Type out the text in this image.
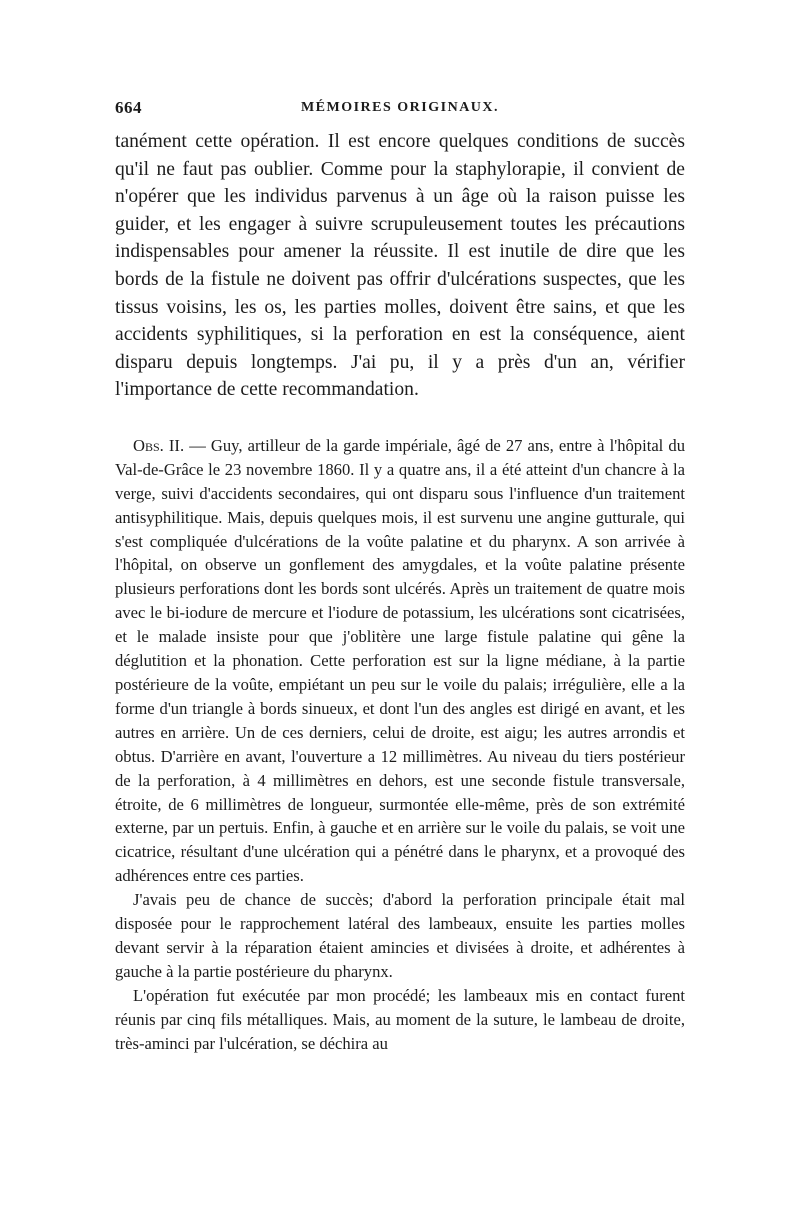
664	MÉMOIRES ORIGINAUX.

tanément cette opération. Il est encore quelques conditions de succès qu'il ne faut pas oublier. Comme pour la staphylorapie, il convient de n'opérer que les individus parvenus à un âge où la raison puisse les guider, et les engager à suivre scrupuleusement toutes les précautions indispensables pour amener la réussite. Il est inutile de dire que les bords de la fistule ne doivent pas offrir d'ulcérations suspectes, que les tissus voisins, les os, les parties molles, doivent être sains, et que les accidents syphilitiques, si la perforation en est la conséquence, aient disparu depuis longtemps. J'ai pu, il y a près d'un an, vérifier l'importance de cette recommandation.

Obs. II. — Guy, artilleur de la garde impériale, âgé de 27 ans, entre à l'hôpital du Val-de-Grâce le 23 novembre 1860. Il y a quatre ans, il a été atteint d'un chancre à la verge, suivi d'accidents secondaires, qui ont disparu sous l'influence d'un traitement antisyphilitique. Mais, depuis quelques mois, il est survenu une angine gutturale, qui s'est compliquée d'ulcérations de la voûte palatine et du pharynx. A son arrivée à l'hôpital, on observe un gonflement des amygdales, et la voûte palatine présente plusieurs perforations dont les bords sont ulcérés. Après un traitement de quatre mois avec le bi-iodure de mercure et l'iodure de potassium, les ulcérations sont cicatrisées, et le malade insiste pour que j'oblitère une large fistule palatine qui gêne la déglutition et la phonation. Cette perforation est sur la ligne médiane, à la partie postérieure de la voûte, empiétant un peu sur le voile du palais; irrégulière, elle a la forme d'un triangle à bords sinueux, et dont l'un des angles est dirigé en avant, et les autres en arrière. Un de ces derniers, celui de droite, est aigu; les autres arrondis et obtus. D'arrière en avant, l'ouverture a 12 millimètres. Au niveau du tiers postérieur de la perforation, à 4 millimètres en dehors, est une seconde fistule transversale, étroite, de 6 millimètres de longueur, surmontée elle-même, près de son extrémité externe, par un pertuis. Enfin, à gauche et en arrière sur le voile du palais, se voit une cicatrice, résultant d'une ulcération qui a pénétré dans le pharynx, et a provoqué des adhérences entre ces parties.

J'avais peu de chance de succès; d'abord la perforation principale était mal disposée pour le rapprochement latéral des lambeaux, ensuite les parties molles devant servir à la réparation étaient amincies et divisées à droite, et adhérentes à gauche à la partie postérieure du pharynx.

L'opération fut exécutée par mon procédé; les lambeaux mis en contact furent réunis par cinq fils métalliques. Mais, au moment de la suture, le lambeau de droite, très-aminci par l'ulcération, se déchira au
